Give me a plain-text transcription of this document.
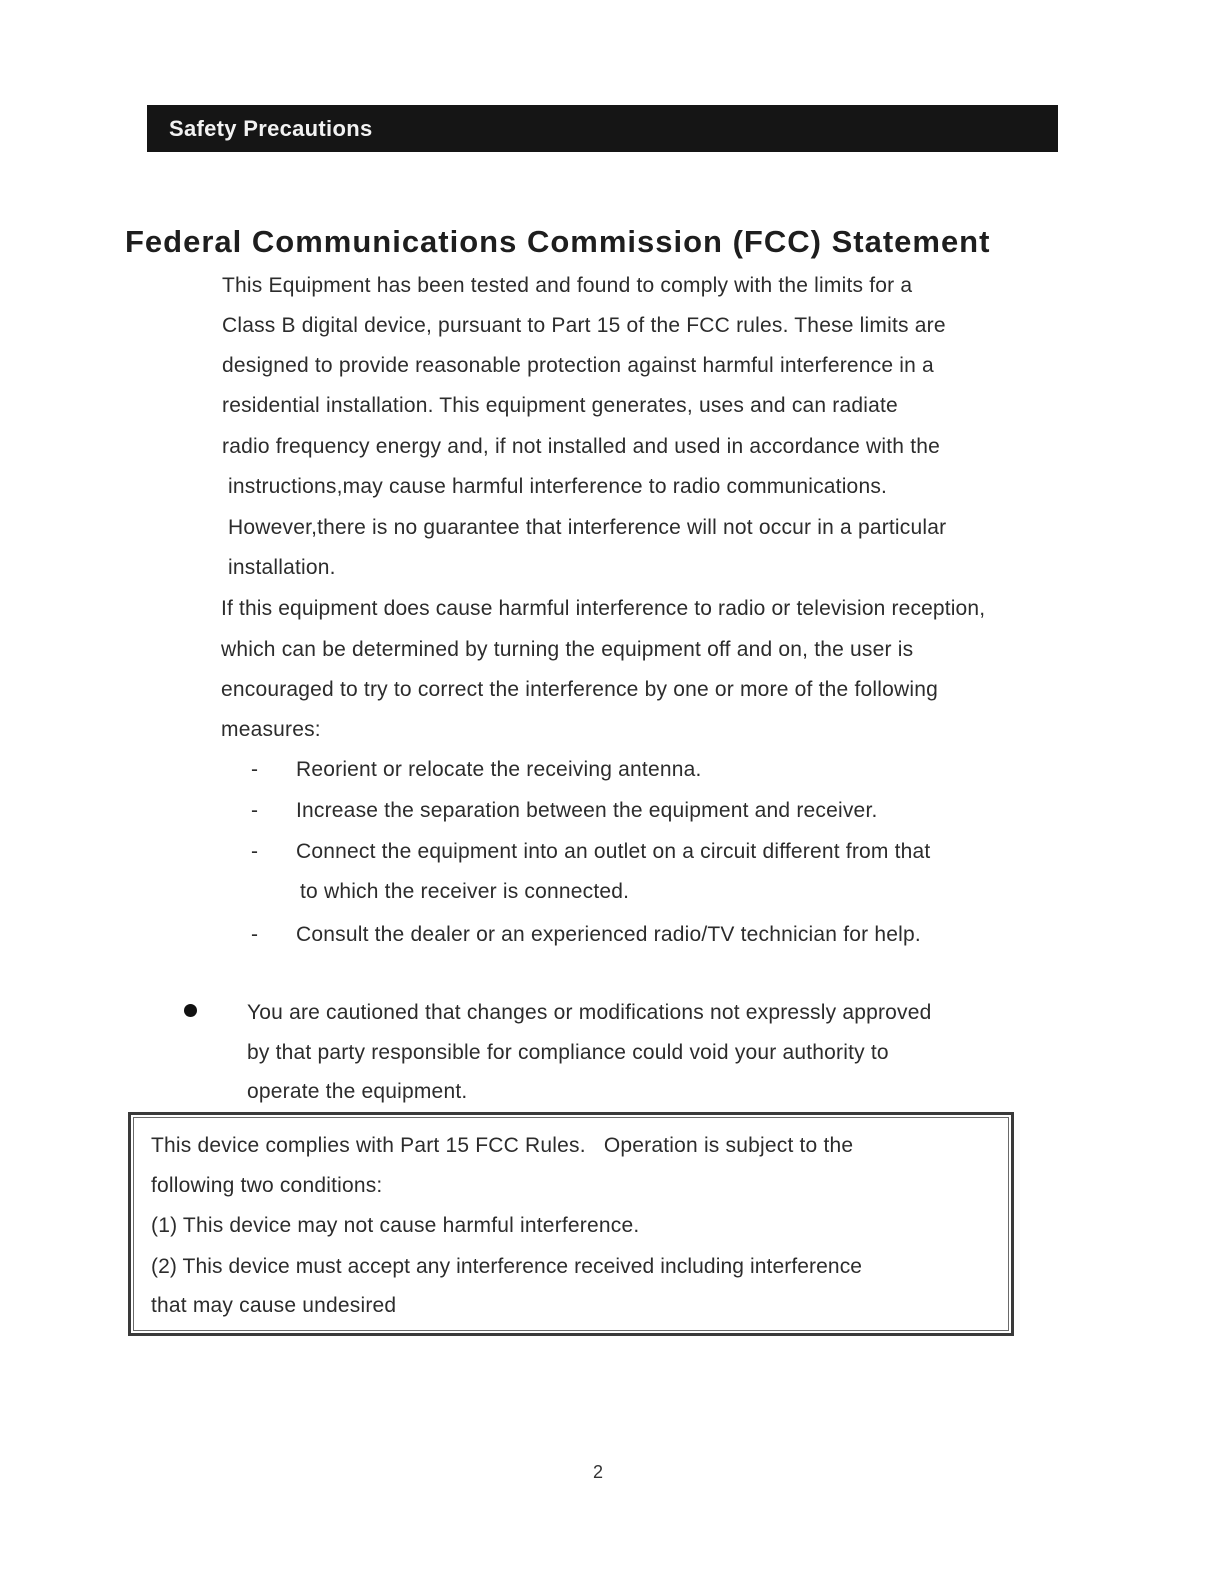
Safety Precautions
Federal Communications Commission (FCC) Statement
This Equipment has been tested and found to comply with the limits for a
Class B digital device, pursuant to Part 15 of the FCC rules. These limits are
designed to provide reasonable protection against harmful interference in a
residential installation. This equipment generates, uses and can radiate
radio frequency energy and, if not installed and used in accordance with the
instructions,may cause harmful interference to radio communications.
However,there is no guarantee that interference will not occur in a particular
installation.
If this equipment does cause harmful interference to radio or television reception,
which can be determined by turning the equipment off and on, the user is
encouraged to try to correct the interference by one or more of the following
measures:
- Reorient or relocate the receiving antenna.
- Increase the separation between the equipment and receiver.
- Connect the equipment into an outlet on a circuit different from that
to which the receiver is connected.
- Consult the dealer or an experienced radio/TV technician for help.
You are cautioned that changes or modifications not expressly approved
by that party responsible for compliance could void your authority to
operate the equipment.
This device complies with Part 15 FCC Rules.   Operation is subject to the
following two conditions:
(1) This device may not cause harmful interference.
(2) This device must accept any interference received including interference
that may cause undesired
2
